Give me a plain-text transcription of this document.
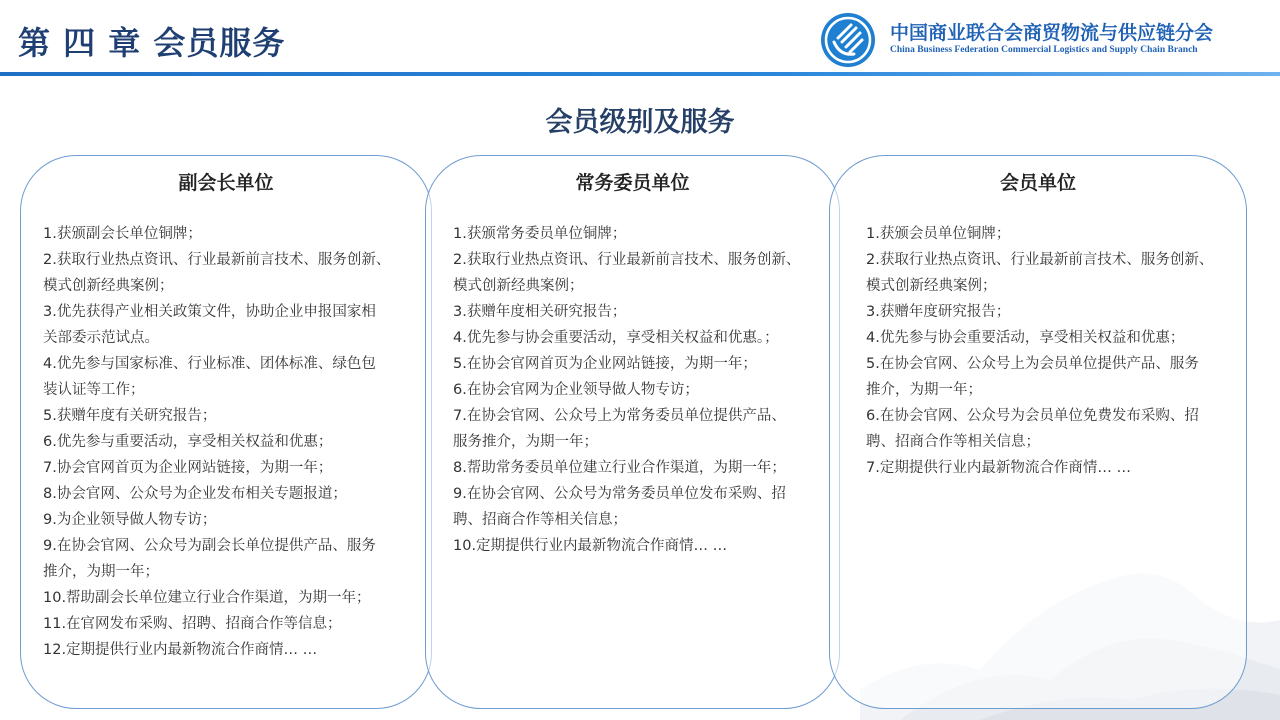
第 四 章 会员服务	中国商业联合会商贸物流与供应链分会
China Business Federation Commercial Logistics and Supply Chain Branch
会员级别及服务
副会长单位
1.获颁副会长单位铜牌；
2.获取行业热点资讯、行业最新前言技术、服务创新、
模式创新经典案例；
3.优先获得产业相关政策文件，协助企业申报国家相
关部委示范试点。
4.优先参与国家标准、行业标准、团体标准、绿色包
装认证等工作；
5.获赠年度有关研究报告；
6.优先参与重要活动，享受相关权益和优惠；
7.协会官网首页为企业网站链接，为期一年；
8.协会官网、公众号为企业发布相关专题报道；
9.为企业领导做人物专访；
9.在协会官网、公众号为副会长单位提供产品、服务
推介，为期一年；
10.帮助副会长单位建立行业合作渠道，为期一年；
11.在官网发布采购、招聘、招商合作等信息；
12.定期提供行业内最新物流合作商情… …
常务委员单位
1.获颁常务委员单位铜牌；
2.获取行业热点资讯、行业最新前言技术、服务创新、
模式创新经典案例；
3.获赠年度相关研究报告；
4.优先参与协会重要活动，享受相关权益和优惠。；
5.在协会官网首页为企业网站链接，为期一年；
6.在协会官网为企业领导做人物专访；
7.在协会官网、公众号上为常务委员单位提供产品、
服务推介，为期一年；
8.帮助常务委员单位建立行业合作渠道，为期一年；
9.在协会官网、公众号为常务委员单位发布采购、招
聘、招商合作等相关信息；
10.定期提供行业内最新物流合作商情… …
会员单位
1.获颁会员单位铜牌；
2.获取行业热点资讯、行业最新前言技术、服务创新、
模式创新经典案例；
3.获赠年度研究报告；
4.优先参与协会重要活动，享受相关权益和优惠；
5.在协会官网、公众号上为会员单位提供产品、服务
推介，为期一年；
6.在协会官网、公众号为会员单位免费发布采购、招
聘、招商合作等相关信息；
7.定期提供行业内最新物流合作商情… …
